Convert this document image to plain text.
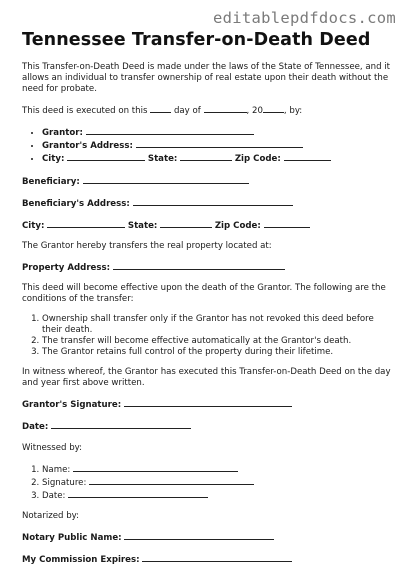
editablepdfdocs.com
Tennessee Transfer-on-Death Deed

This Transfer-on-Death Deed is made under the laws of the State of Tennessee, and it allows an individual to transfer ownership of real estate upon their death without the need for probate.

This deed is executed on this	day of	, 20 , by:

• Grantor:
• Grantor's Address:
• City:	State:	Zip Code:
Beneficiary:
Beneficiary's Address:
City:	State:	Zip Code:

The Grantor hereby transfers the real property located at:

Property Address:

This deed will become effective upon the death of the Grantor. The following are the conditions of the transfer:

1. Ownership shall transfer only if the Grantor has not revoked this deed before their death.
2. The transfer will become effective automatically at the Grantor's death.
3. The Grantor retains full control of the property during their lifetime.

In witness whereof, the Grantor has executed this Transfer-on-Death Deed on the day and year first above written.

Grantor's Signature:
Date:

Witnessed by:

1. Name:
2. Signature:
3. Date:

Notarized by:

Notary Public Name:
My Commission Expires:
